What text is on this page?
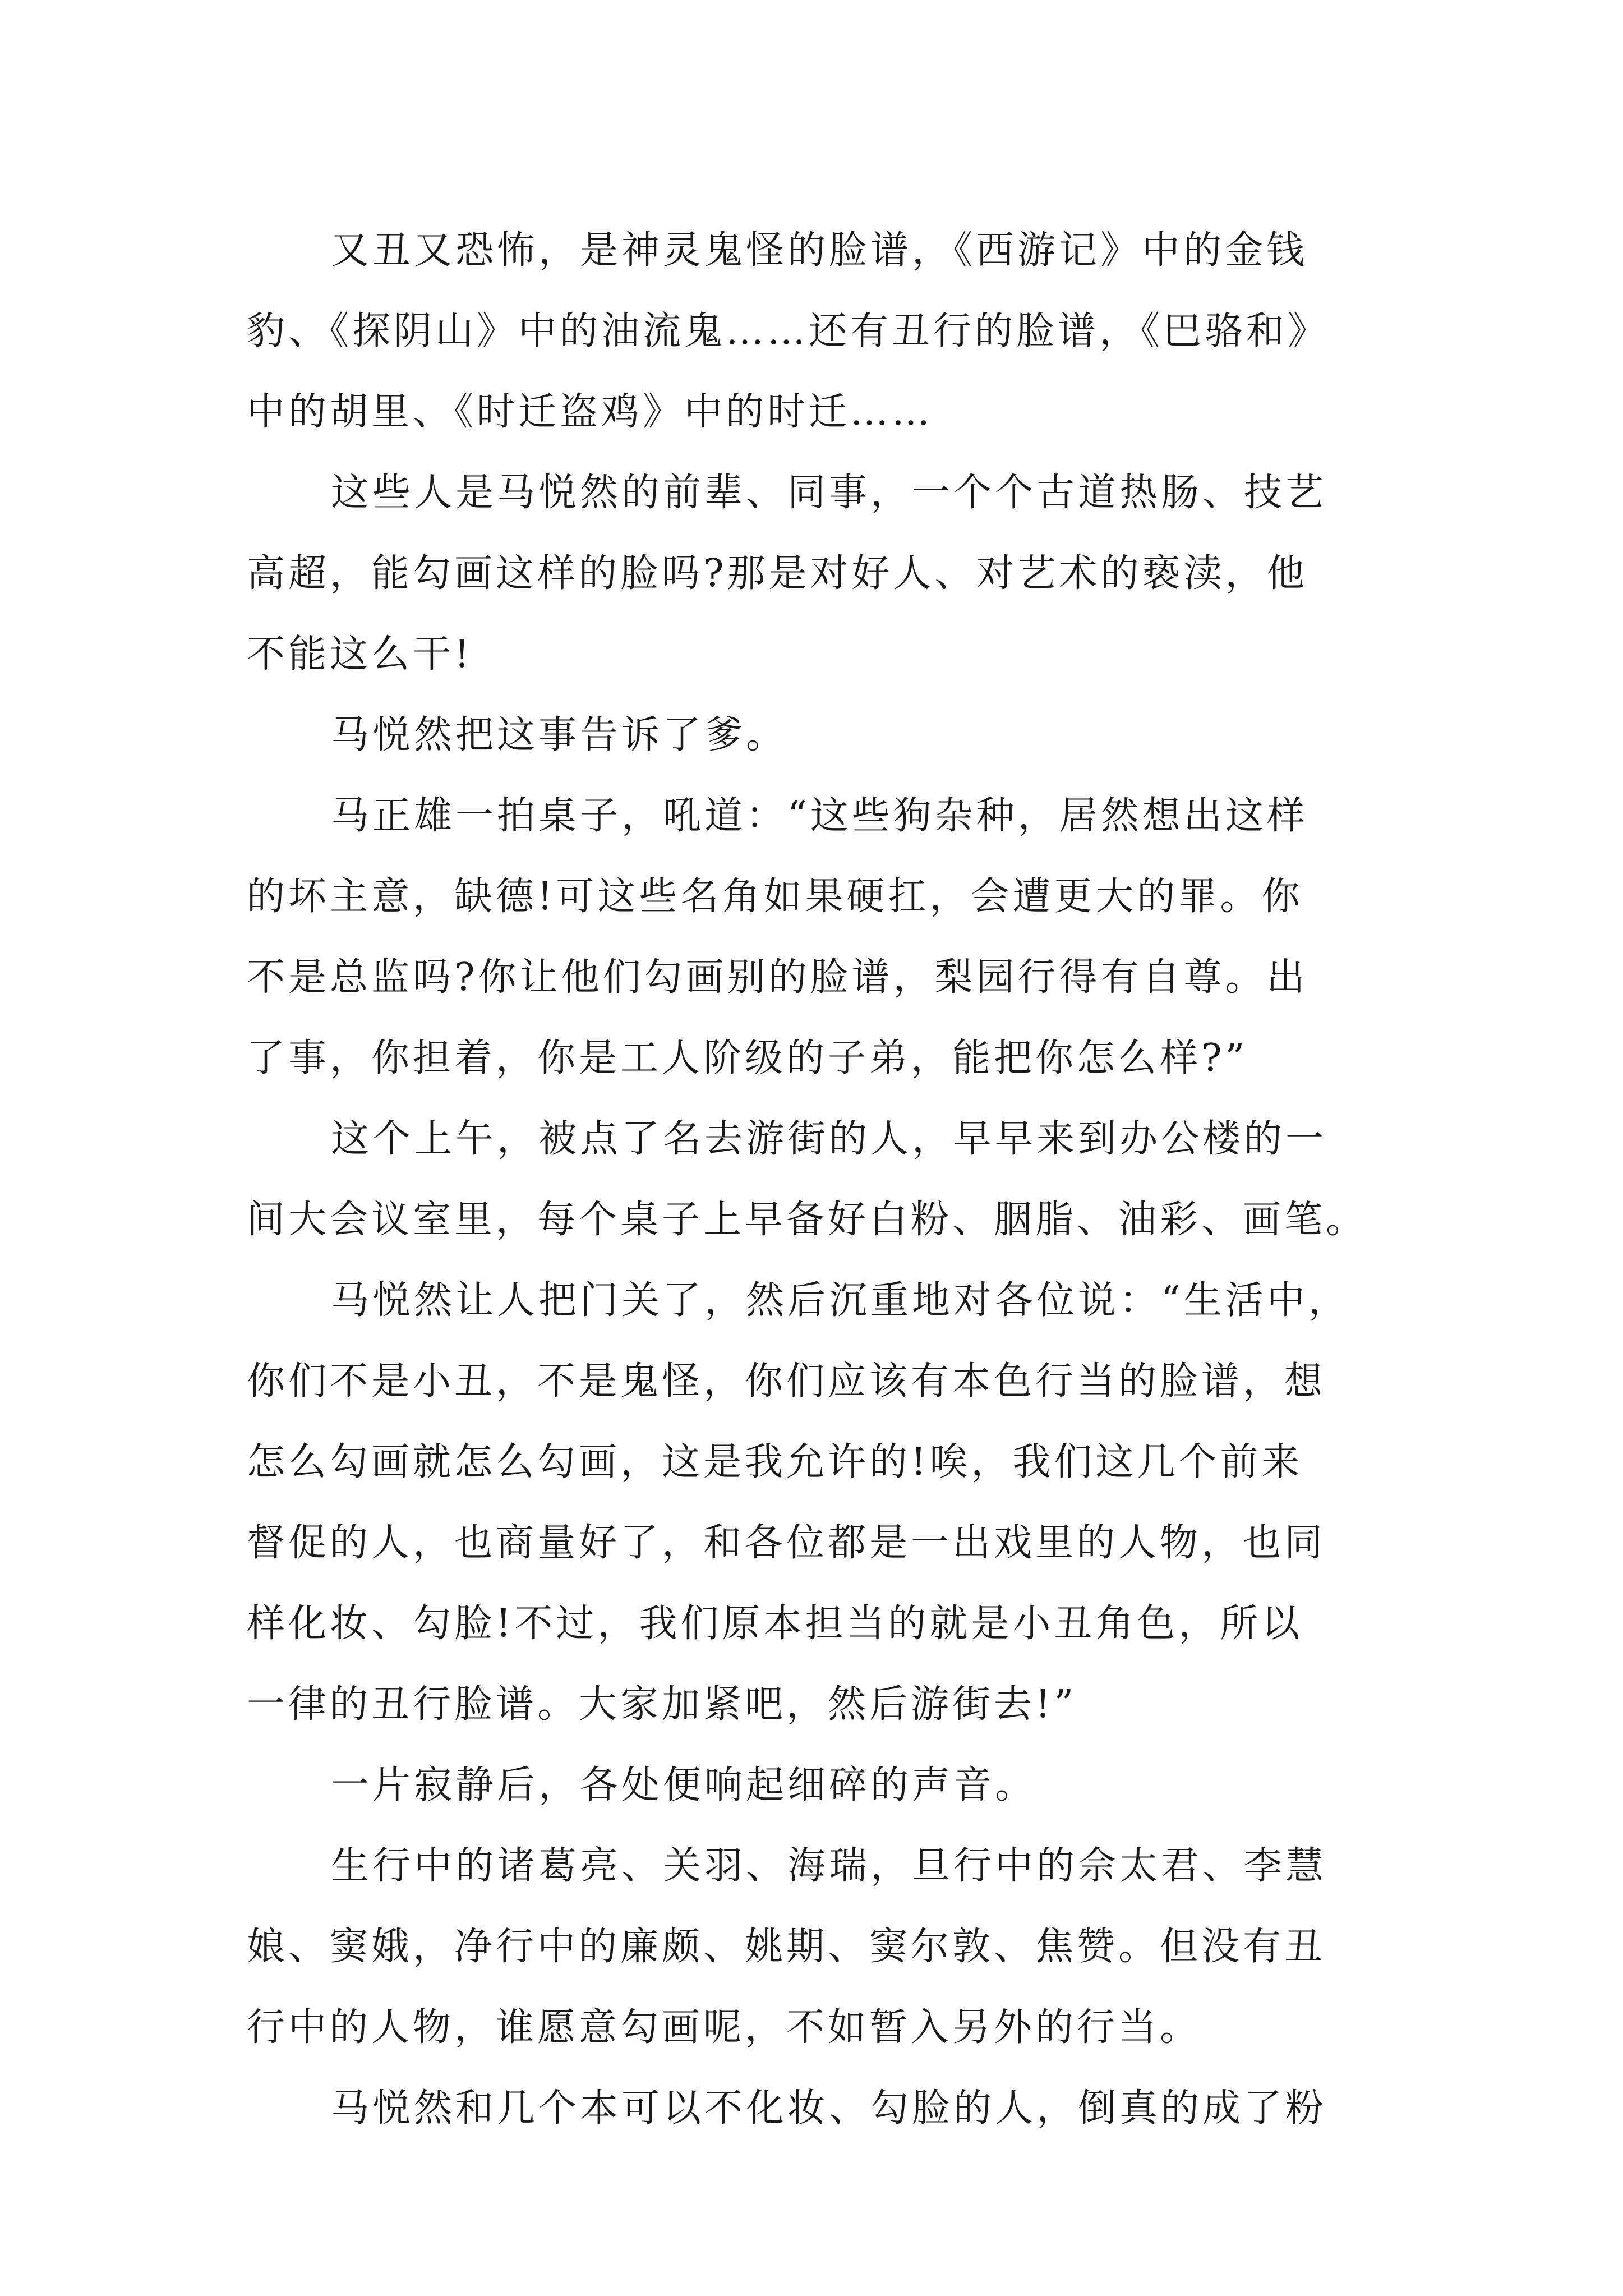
又丑又恐怖，是神灵鬼怪的脸谱，《西游记》中的金钱
豹、《探阴山》中的油流鬼……还有丑行的脸谱，《巴骆和》
中的胡里、《时迁盗鸡》中的时迁……
这些人是马悦然的前辈、同事，一个个古道热肠、技艺
高超，能勾画这样的脸吗?那是对好人、对艺术的亵渎，他
不能这么干!
马悦然把这事告诉了爹。
马正雄一拍桌子，吼道：“这些狗杂种，居然想出这样
的坏主意，缺德!可这些名角如果硬扛，会遭更大的罪。你
不是总监吗?你让他们勾画别的脸谱，梨园行得有自尊。出
了事，你担着，你是工人阶级的子弟，能把你怎么样?”
这个上午，被点了名去游街的人，早早来到办公楼的一
间大会议室里，每个桌子上早备好白粉、胭脂、油彩、画笔。
马悦然让人把门关了，然后沉重地对各位说：“生活中，
你们不是小丑，不是鬼怪，你们应该有本色行当的脸谱，想
怎么勾画就怎么勾画，这是我允许的!唉，我们这几个前来
督促的人，也商量好了，和各位都是一出戏里的人物，也同
样化妆、勾脸!不过，我们原本担当的就是小丑角色，所以
一律的丑行脸谱。大家加紧吧，然后游街去!”
一片寂静后，各处便响起细碎的声音。
生行中的诸葛亮、关羽、海瑞，旦行中的佘太君、李慧
娘、窦娥，净行中的廉颇、姚期、窦尔敦、焦赞。但没有丑
行中的人物，谁愿意勾画呢，不如暂入另外的行当。
马悦然和几个本可以不化妆、勾脸的人，倒真的成了粉
